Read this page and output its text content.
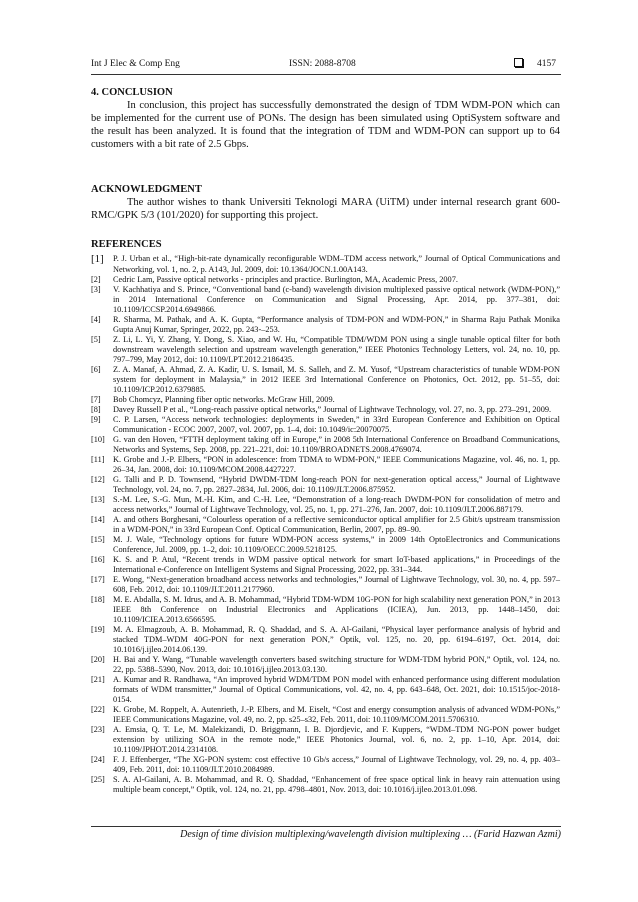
Int J Elec & Comp Eng	ISSN: 2088-8708	4157
4. CONCLUSION
In conclusion, this project has successfully demonstrated the design of TDM WDM-PON which can be implemented for the current use of PONs. The design has been simulated using OptiSystem software and the result has been analyzed. It is found that the integration of TDM and WDM-PON can support up to 64 customers with a bit rate of 2.5 Gbps.
ACKNOWLEDGMENT
The author wishes to thank Universiti Teknologi MARA (UiTM) under internal research grant 600- RMC/GPK 5/3 (101/2020) for supporting this project.
REFERENCES
[1] P. J. Urban et al., “High-bit-rate dynamically reconfigurable WDM–TDM access network,” Journal of Optical Communications and Networking, vol. 1, no. 2, p. A143, Jul. 2009, doi: 10.1364/JOCN.1.00A143.
[2] Cedric Lam, Passive optical networks - principles and practice. Burlington, MA, Academic Press, 2007.
[3] V. Kachhatiya and S. Prince, “Conventional band (c-band) wavelength division multiplexed passive optical network (WDM-PON),” in 2014 International Conference on Communication and Signal Processing, Apr. 2014, pp. 377–381, doi: 10.1109/ICCSP.2014.6949866.
[4] R. Sharma, M. Pathak, and A. K. Gupta, “Performance analysis of TDM-PON and WDM-PON,” in Sharma Raju Pathak Monika Gupta Anuj Kumar, Springer, 2022, pp. 243-–253.
[5] Z. Li, L. Yi, Y. Zhang, Y. Dong, S. Xiao, and W. Hu, “Compatible TDM/WDM PON using a single tunable optical filter for both downstream wavelength selection and upstream wavelength generation,” IEEE Photonics Technology Letters, vol. 24, no. 10, pp. 797–799, May 2012, doi: 10.1109/LPT.2012.2186435.
[6] Z. A. Manaf, A. Ahmad, Z. A. Kadir, U. S. Ismail, M. S. Salleh, and Z. M. Yusof, “Upstream characteristics of tunable WDM-PON system for deployment in Malaysia,” in 2012 IEEE 3rd International Conference on Photonics, Oct. 2012, pp. 51–55, doi: 10.1109/ICP.2012.6379885.
[7] Bob Chomcyz, Planning fiber optic networks. McGraw Hill, 2009.
[8] Davey Russell P et al., “Long-reach passive optical networks,” Journal of Lightwave Technology, vol. 27, no. 3, pp. 273–291, 2009.
[9] C. P. Larsen, “Access network technologies: deployments in Sweden,” in 33rd European Conference and Exhibition on Optical Communication - ECOC 2007, 2007, vol. 2007, pp. 1–4, doi: 10.1049/ic:20070075.
[10] G. van den Hoven, “FTTH deployment taking off in Europe,” in 2008 5th International Conference on Broadband Communications, Networks and Systems, Sep. 2008, pp. 221–221, doi: 10.1109/BROADNETS.2008.4769074.
[11] K. Grobe and J.-P. Elbers, “PON in adolescence: from TDMA to WDM-PON,” IEEE Communications Magazine, vol. 46, no. 1, pp. 26–34, Jan. 2008, doi: 10.1109/MCOM.2008.4427227.
[12] G. Talli and P. D. Townsend, “Hybrid DWDM-TDM long-reach PON for next-generation optical access,” Journal of Lightwave Technology, vol. 24, no. 7, pp. 2827–2834, Jul. 2006, doi: 10.1109/JLT.2006.875952.
[13] S.-M. Lee, S.-G. Mun, M.-H. Kim, and C.-H. Lee, “Demonstration of a long-reach DWDM-PON for consolidation of metro and access networks,” Journal of Lightwave Technology, vol. 25, no. 1, pp. 271–276, Jan. 2007, doi: 10.1109/JLT.2006.887179.
[14] A. and others Borghesani, “Colourless operation of a reflective semiconductor optical amplifier for 2.5 Gbit/s upstream transmission in a WDM-PON,” in 33rd European Conf. Optical Communication, Berlin, 2007, pp. 89–90.
[15] M. J. Wale, “Technology options for future WDM-PON access systems,” in 2009 14th OptoElectronics and Communications Conference, Jul. 2009, pp. 1–2, doi: 10.1109/OECC.2009.5218125.
[16] K. S. and P. Atul, “Recent trends in WDM passive optical network for smart IoT-based applications,” in Proceedings of the International e-Conference on Intelligent Systems and Signal Processing, 2022, pp. 331–344.
[17] E. Wong, “Next-generation broadband access networks and technologies,” Journal of Lightwave Technology, vol. 30, no. 4, pp. 597–608, Feb. 2012, doi: 10.1109/JLT.2011.2177960.
[18] M. E. Abdalla, S. M. Idrus, and A. B. Mohammad, “Hybrid TDM-WDM 10G-PON for high scalability next generation PON,” in 2013 IEEE 8th Conference on Industrial Electronics and Applications (ICIEA), Jun. 2013, pp. 1448–1450, doi: 10.1109/ICIEA.2013.6566595.
[19] M. A. Elmagzoub, A. B. Mohammad, R. Q. Shaddad, and S. A. Al-Gailani, “Physical layer performance analysis of hybrid and stacked TDM–WDM 40G-PON for next generation PON,” Optik, vol. 125, no. 20, pp. 6194–6197, Oct. 2014, doi: 10.1016/j.ijleo.2014.06.139.
[20] H. Bai and Y. Wang, “Tunable wavelength converters based switching structure for WDM-TDM hybrid PON,” Optik, vol. 124, no. 22, pp. 5388–5390, Nov. 2013, doi: 10.1016/j.ijleo.2013.03.130.
[21] A. Kumar and R. Randhawa, “An improved hybrid WDM/TDM PON model with enhanced performance using different modulation formats of WDM transmitter,” Journal of Optical Communications, vol. 42, no. 4, pp. 643–648, Oct. 2021, doi: 10.1515/joc-2018-0154.
[22] K. Grobe, M. Roppelt, A. Autenrieth, J.-P. Elbers, and M. Eiselt, “Cost and energy consumption analysis of advanced WDM-PONs,” IEEE Communications Magazine, vol. 49, no. 2, pp. s25–s32, Feb. 2011, doi: 10.1109/MCOM.2011.5706310.
[23] A. Emsia, Q. T. Le, M. Malekizandi, D. Briggmann, I. B. Djordjevic, and F. Kuppers, “WDM–TDM NG-PON power budget extension by utilizing SOA in the remote node,” IEEE Photonics Journal, vol. 6, no. 2, pp. 1–10, Apr. 2014, doi: 10.1109/JPHOT.2014.2314108.
[24] F. J. Effenberger, “The XG-PON system: cost effective 10 Gb/s access,” Journal of Lightwave Technology, vol. 29, no. 4, pp. 403–409, Feb. 2011, doi: 10.1109/JLT.2010.2084989.
[25] S. A. Al-Gailani, A. B. Mohammad, and R. Q. Shaddad, “Enhancement of free space optical link in heavy rain attenuation using multiple beam concept,” Optik, vol. 124, no. 21, pp. 4798–4801, Nov. 2013, doi: 10.1016/j.ijleo.2013.01.098.
Design of time division multiplexing/wavelength division multiplexing … (Farid Hazwan Azmi)
